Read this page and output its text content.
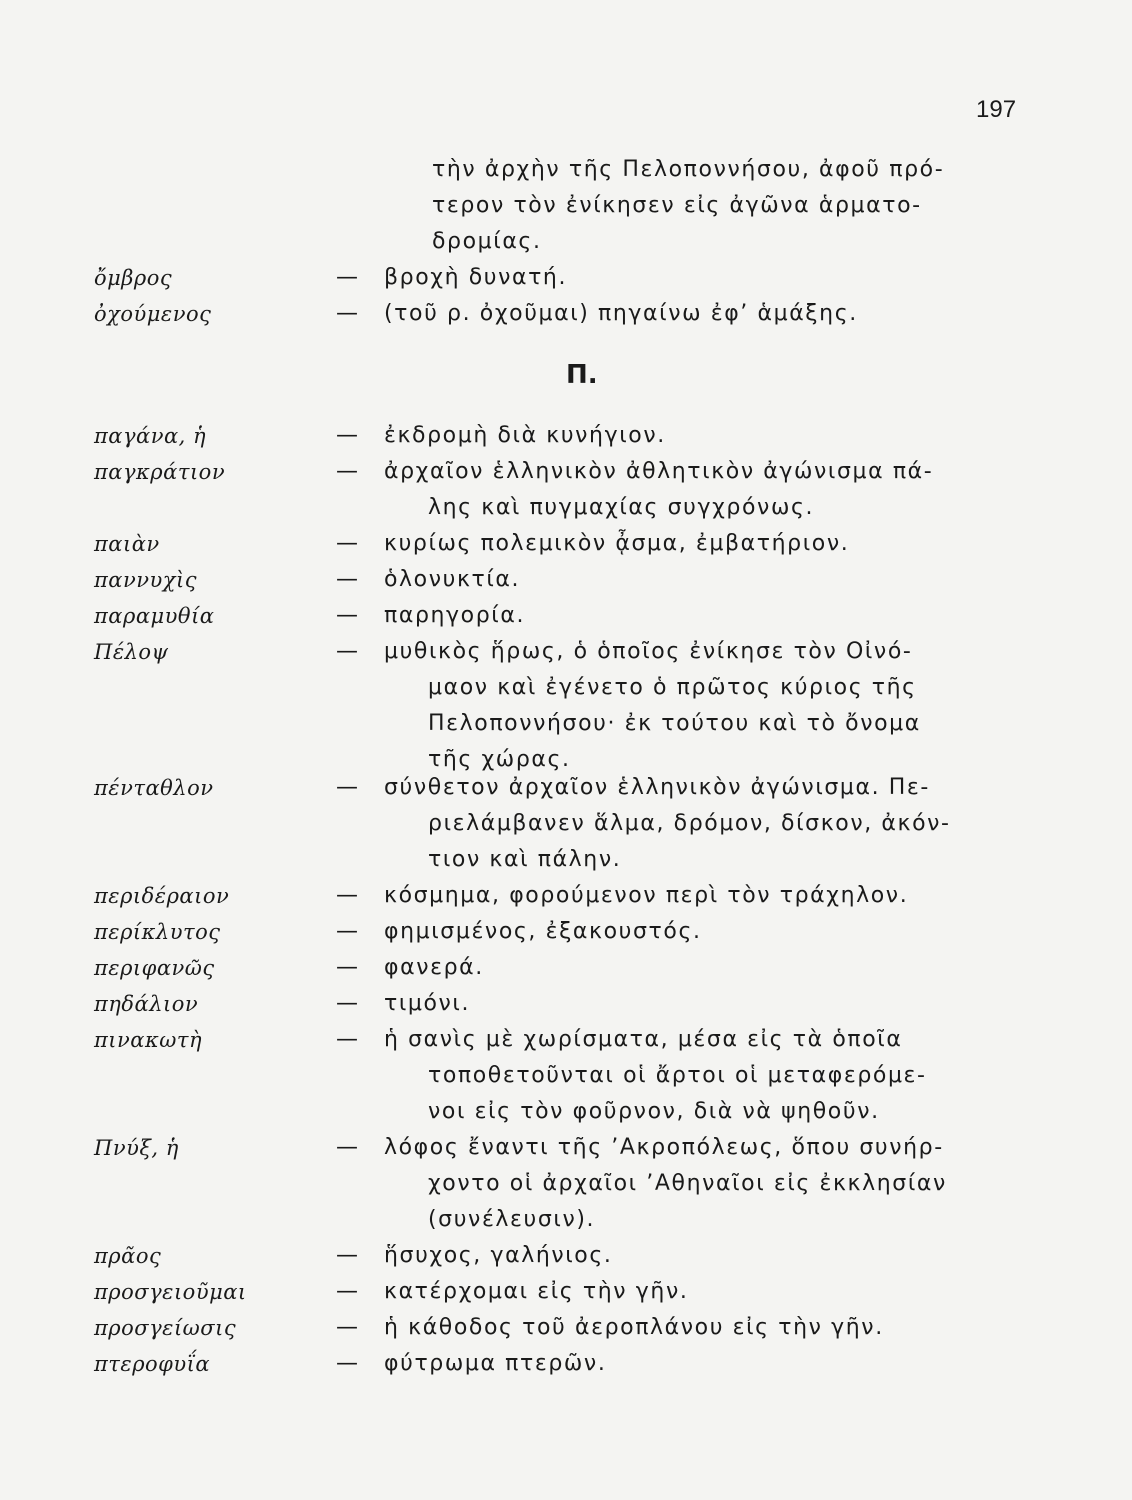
197
τὴν ἀρχὴν τῆς Πελοποννήσου, ἀφοῦ πρό-
τερον τὸν ἐνίκησεν εἰς ἀγῶνα ἁρματο-
δρομίας.
Π.
ὄμβρος	— βροχὴ δυνατή.
ὀχούμενος	— (τοῦ ρ. ὀχοῦμαι) πηγαίνω ἐφ’ ἁμάξης.
παγάνα, ἡ	— ἐκδρομὴ διὰ κυνήγιον.
παγκράτιον	— ἀρχαῖον ἑλληνικὸν ἀθλητικὸν ἀγώνισμα πά-
λης καὶ πυγμαχίας συγχρόνως.
παιὰν	— κυρίως πολεμικὸν ᾆσμα, ἐμβατήριον.
παννυχὶς	— ὁλονυκτία.
παραμυθία	— παρηγορία.
Πέλοψ	— μυθικὸς ἥρως, ὁ ὁποῖος ἐνίκησε τὸν Οἰνό-
μαον καὶ ἐγένετο ὁ πρῶτος κύριος τῆς
Πελοποννήσου· ἐκ τούτου καὶ τὸ ὄνομα
τῆς χώρας.
πένταθλον	— σύνθετον ἀρχαῖον ἑλληνικὸν ἀγώνισμα. Πε-
ριελάμβανεν ἅλμα, δρόμον, δίσκον, ἀκόν-
τιον καὶ πάλην.
περιδέραιον	— κόσμημα, φορούμενον περὶ τὸν τράχηλον.
περίκλυτος	— φημισμένος, ἐξακουστός.
περιφανῶς	— φανερά.
πηδάλιον	— τιμόνι.
πινακωτὴ	— ἡ σανὶς μὲ χωρίσματα, μέσα εἰς τὰ ὁποῖα
τοποθετοῦνται οἱ ἄρτοι οἱ μεταφερόμε-
νοι εἰς τὸν φοῦρνον, διὰ νὰ ψηθοῦν.
Πνύξ, ἡ	— λόφος ἔναντι τῆς ’Ακροπόλεως, ὅπου συνήρ-
χοντο οἱ ἀρχαῖοι ’Αθηναῖοι εἰς ἐκκλησίαν
(συνέλευσιν).
πρᾶος	— ἥσυχος, γαλήνιος.
προσγειοῦμαι	— κατέρχομαι εἰς τὴν γῆν.
προσγείωσις	— ἡ κάθοδος τοῦ ἀεροπλάνου εἰς τὴν γῆν.
πτεροφυΐα	— φύτρωμα πτερῶν.
